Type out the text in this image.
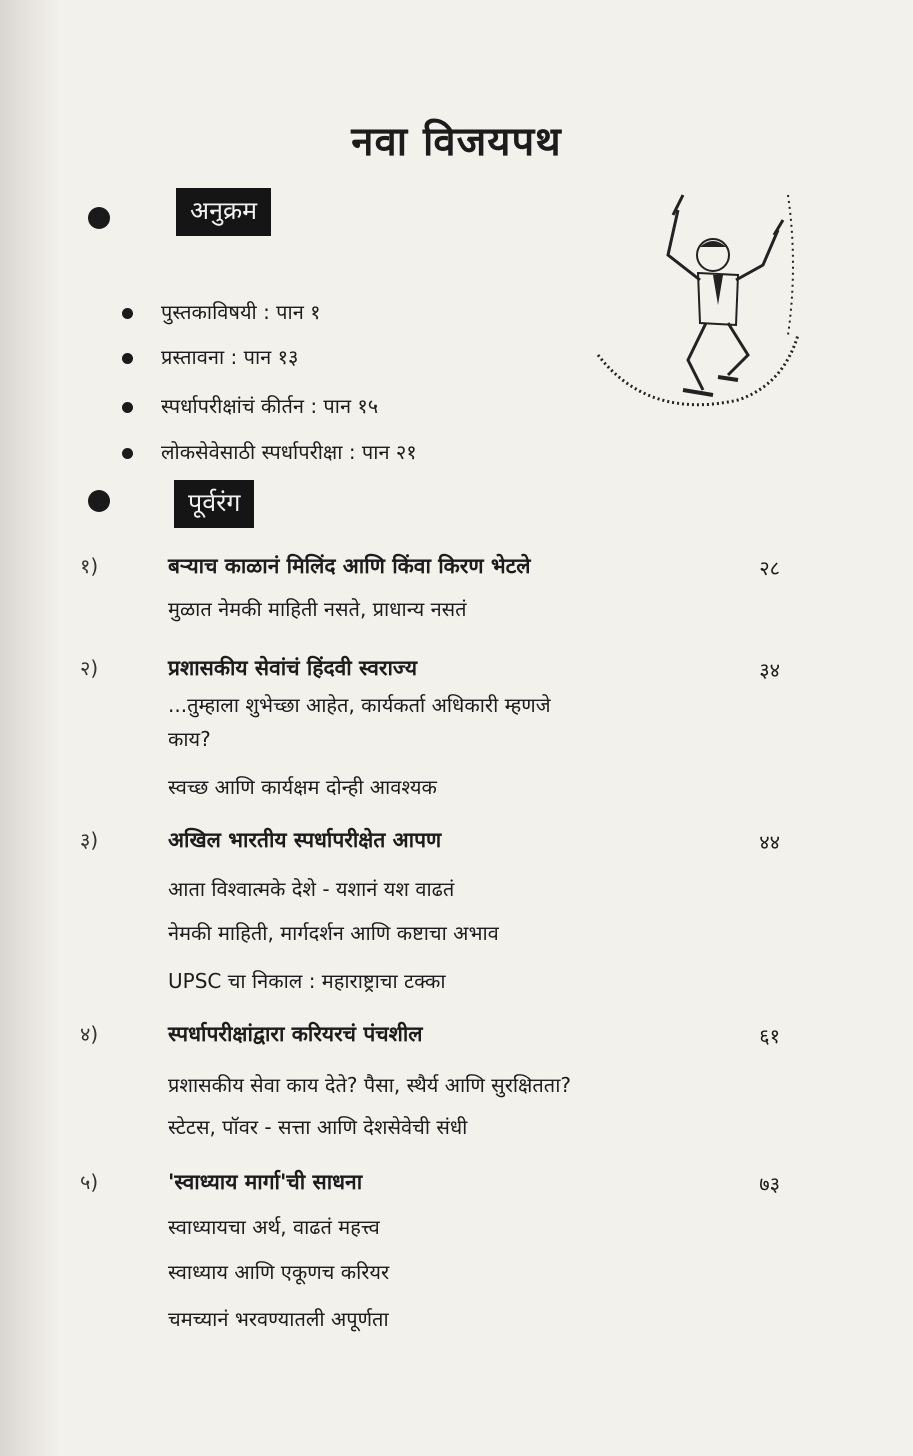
नवा विजयपथ
अनुक्रम
पुस्तकाविषयी : पान १
प्रस्तावना : पान १३
स्पर्धापरीक्षांचं कीर्तन : पान १५
लोकसेवेसाठी स्पर्धापरीक्षा : पान २१
पूर्वरंग
१)	बऱ्याच काळानं मिलिंद आणि किंवा किरण भेटले	२८
मुळात नेमकी माहिती नसते, प्राधान्य नसतं
२)	प्रशासकीय सेवांचं हिंदवी स्वराज्य	३४
...तुम्हाला शुभेच्छा आहेत, कार्यकर्ता अधिकारी म्हणजे
काय?
स्वच्छ आणि कार्यक्षम दोन्ही आवश्यक
३)	अखिल भारतीय स्पर्धापरीक्षेत आपण	४४
आता विश्वात्मके देशे - यशानं यश वाढतं
नेमकी माहिती, मार्गदर्शन आणि कष्टाचा अभाव
UPSC चा निकाल : महाराष्ट्राचा टक्का
४)	स्पर्धापरीक्षांद्वारा करियरचं पंचशील	६१
प्रशासकीय सेवा काय देते? पैसा, स्थैर्य आणि सुरक्षितता?
स्टेटस, पॉवर - सत्ता आणि देशसेवेची संधी
५)	'स्वाध्याय मार्गा'ची साधना	७३
स्वाध्यायचा अर्थ, वाढतं महत्त्व
स्वाध्याय आणि एकूणच करियर
चमच्यानं भरवण्यातली अपूर्णता
